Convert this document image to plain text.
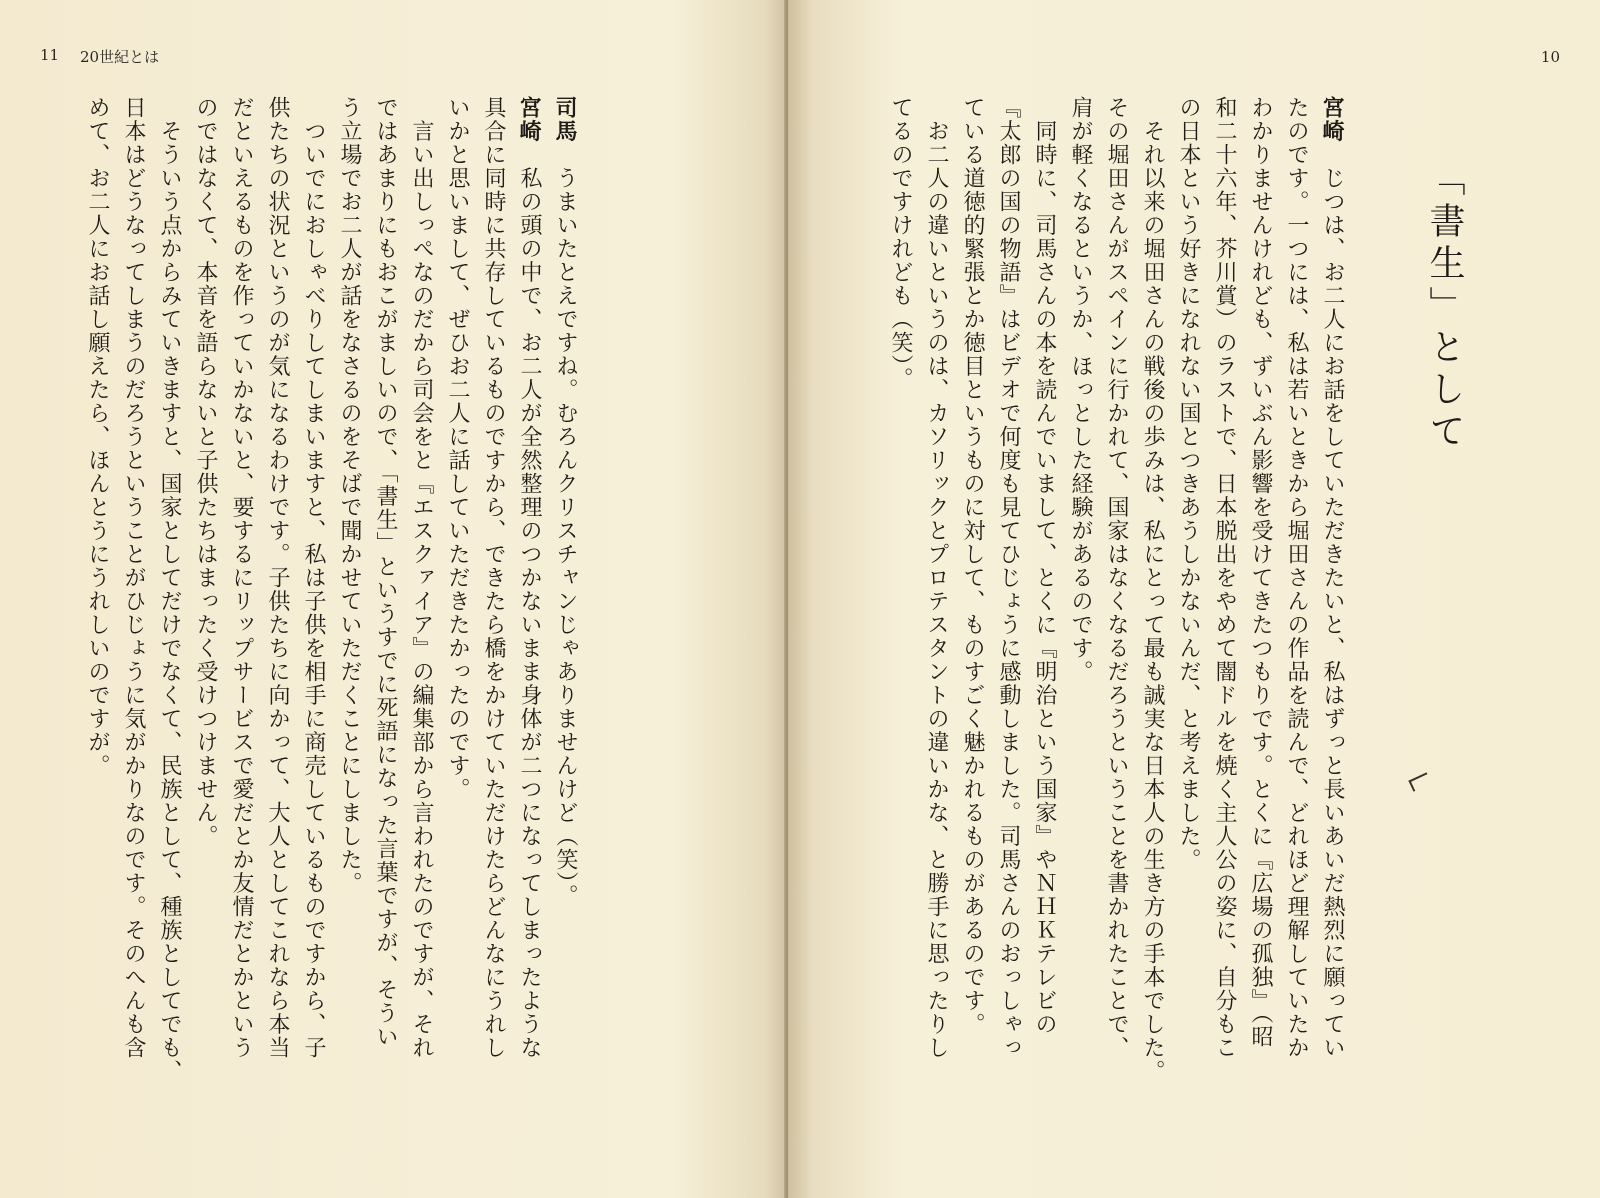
11 20世紀とは
司馬　うまいたとえですね。むろんクリスチャンじゃありませんけど（笑）。
宮崎　私の頭の中で、お二人が全然整理のつかないまま身体が二つになってしまったような
具合に同時に共存しているものですから、できたら橋をかけていただけたらどんなにうれし
いかと思いまして、ぜひお二人に話していただきたかったのです。
　言い出しっぺなのだから司会をと『エスクァイア』の編集部から言われたのですが、それ
ではあまりにもおこがましいので、「書生」というすでに死語になった言葉ですが、そうい
う立場でお二人が話をなさるのをそばで聞かせていただくことにしました。
　ついでにおしゃべりしてしまいますと、私は子供を相手に商売しているものですから、子
供たちの状況というのが気になるわけです。子供たちに向かって、大人としてこれなら本当
だといえるものを作っていかないと、要するにリップサービスで愛だとか友情だとかという
のではなくて、本音を語らないと子供たちはまったく受けつけません。
　そういう点からみていきますと、国家としてだけでなくて、民族として、種族としてでも、
日本はどうなってしまうのだろうということがひじょうに気がかりなのです。そのへんも含
めて、お二人にお話し願えたら、ほんとうにうれしいのですが。
10
宮崎　じつは、お二人にお話をしていただきたいと、私はずっと長いあいだ熱烈に願ってい
たのです。一つには、私は若いときから堀田さんの作品を読んで、どれほど理解していたか
わかりませんけれども、ずいぶん影響を受けてきたつもりです。とくに『広場の孤独』（昭
和二十六年、芥川賞）のラストで、日本脱出をやめて闇ドルを焼く主人公の姿に、自分もこ
の日本という好きになれない国とつきあうしかないんだ、と考えました。
　それ以来の堀田さんの戦後の歩みは、私にとって最も誠実な日本人の生き方の手本でした。
その堀田さんがスペインに行かれて、国家はなくなるだろうということを書かれたことで、
肩が軽くなるというか、ほっとした経験があるのです。
　同時に、司馬さんの本を読んでいまして、とくに『明治という国家』やＮＨＫテレビの
『太郎の国の物語』はビデオで何度も見てひじょうに感動しました。司馬さんのおっしゃっ
ている道徳的緊張とか徳目というものに対して、ものすごく魅かれるものがあるのです。
　お二人の違いというのは、カソリックとプロテスタントの違いかな、と勝手に思ったりし
てるのですけれども（笑）。	「書生」として
